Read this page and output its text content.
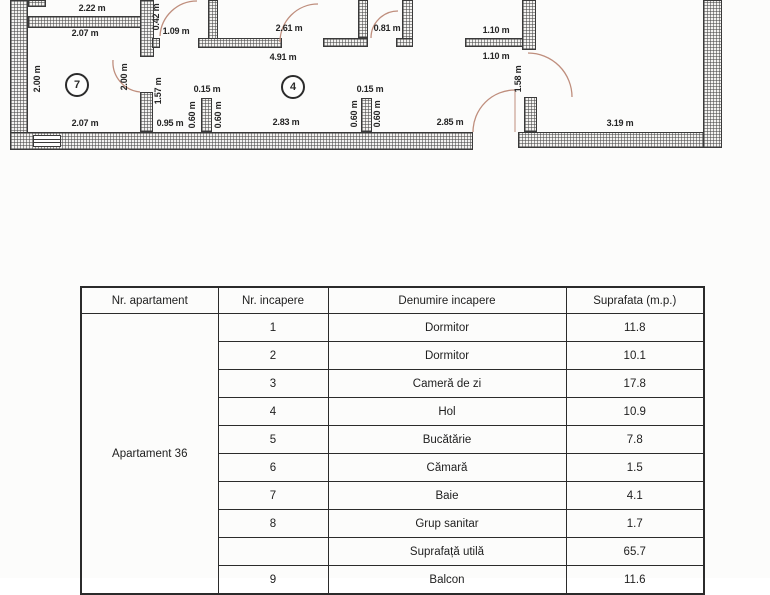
7	4
2.22 m	0.42 m
1.09 m	2.61 m	0.81 m	1.10 m
2.07 m
4.91 m	1.10 m
2.00 m	2.00 m
1.57 m	0.15 m	0.15 m	1.58 m
0.60 m 0.60 m	0.60 m 0.60 m
2.07 m	0.95 m	2.83 m	2.85 m	3.19 m
Nr. apartament	Nr. incapere	Denumire incapere	Suprafata (m.p.)
Apartament 36	1	Dormitor	11.8
	2	Dormitor	10.1
	3	Cameră de zi	17.8
	4	Hol	10.9
	5	Bucătărie	7.8
	6	Cămară	1.5
	7	Baie	4.1
	8	Grup sanitar	1.7
		Suprafață utilă	65.7
	9	Balcon	11.6
